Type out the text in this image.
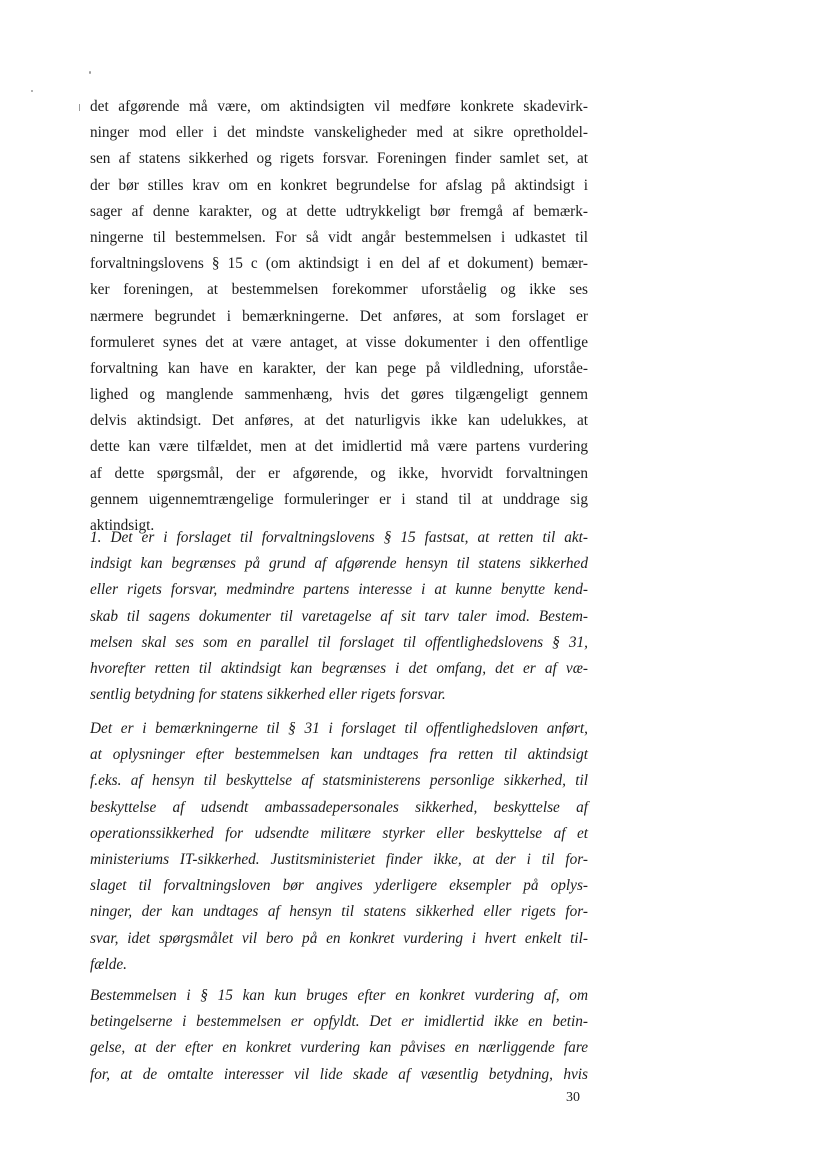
det afgørende må være, om aktindsigten vil medføre konkrete skadevirk-
ninger mod eller i det mindste vanskeligheder med at sikre opretholdel-
sen af statens sikkerhed og rigets forsvar. Foreningen finder samlet set, at
der bør stilles krav om en konkret begrundelse for afslag på aktindsigt i
sager af denne karakter, og at dette udtrykkeligt bør fremgå af bemærk-
ningerne til bestemmelsen. For så vidt angår bestemmelsen i udkastet til
forvaltningslovens § 15 c (om aktindsigt i en del af et dokument) bemær-
ker foreningen, at bestemmelsen forekommer uforståelig og ikke ses
nærmere begrundet i bemærkningerne. Det anføres, at som forslaget er
formuleret synes det at være antaget, at visse dokumenter i den offentlige
forvaltning kan have en karakter, der kan pege på vildledning, uforståe-
lighed og manglende sammenhæng, hvis det gøres tilgængeligt gennem
delvis aktindsigt. Det anføres, at det naturligvis ikke kan udelukkes, at
dette kan være tilfældet, men at det imidlertid må være partens vurdering
af dette spørgsmål, der er afgørende, og ikke, hvorvidt forvaltningen
gennem uigennemtrængelige formuleringer er i stand til at unddrage sig
aktindsigt.
1. Det er i forslaget til forvaltningslovens § 15 fastsat, at retten til akt-
indsigt kan begrænses på grund af afgørende hensyn til statens sikkerhed
eller rigets forsvar, medmindre partens interesse i at kunne benytte kend-
skab til sagens dokumenter til varetagelse af sit tarv taler imod. Bestem-
melsen skal ses som en parallel til forslaget til offentlighedslovens § 31,
hvorefter retten til aktindsigt kan begrænses i det omfang, det er af væ-
sentlig betydning for statens sikkerhed eller rigets forsvar.
Det er i bemærkningerne til § 31 i forslaget til offentlighedsloven anført,
at oplysninger efter bestemmelsen kan undtages fra retten til aktindsigt
f.eks. af hensyn til beskyttelse af statsministerens personlige sikkerhed, til
beskyttelse af udsendt ambassadepersonales sikkerhed, beskyttelse af
operationssikkerhed for udsendte militære styrker eller beskyttelse af et
ministeriums IT-sikkerhed. Justitsministeriet finder ikke, at der i til for-
slaget til forvaltningsloven bør angives yderligere eksempler på oplys-
ninger, der kan undtages af hensyn til statens sikkerhed eller rigets for-
svar, idet spørgsmålet vil bero på en konkret vurdering i hvert enkelt til-
fælde.
Bestemmelsen i § 15 kan kun bruges efter en konkret vurdering af, om
betingelserne i bestemmelsen er opfyldt. Det er imidlertid ikke en betin-
gelse, at der efter en konkret vurdering kan påvises en nærliggende fare
for, at de omtalte interesser vil lide skade af væsentlig betydning, hvis
30
